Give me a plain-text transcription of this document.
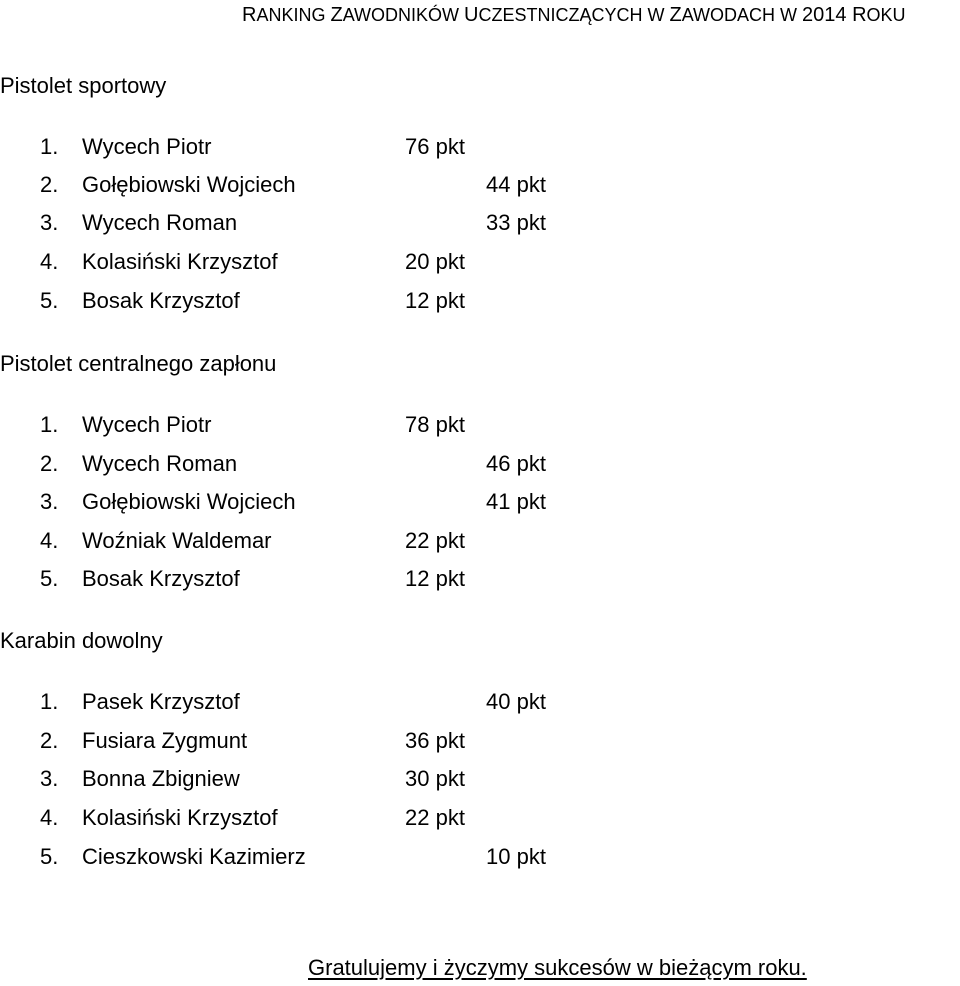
RANKING ZAWODNIKÓW UCZESTNICZĄCYCH W ZAWODACH W 2014 ROKU
Pistolet sportowy
1. Wycech Piotr	76 pkt
2. Gołębiowski Wojciech	44 pkt
3. Wycech Roman	33 pkt
4. Kolasiński Krzysztof	20 pkt
5. Bosak Krzysztof	12 pkt
Pistolet centralnego zapłonu
1. Wycech Piotr	78 pkt
2. Wycech Roman	46 pkt
3. Gołębiowski Wojciech	41 pkt
4. Woźniak Waldemar	22 pkt
5. Bosak Krzysztof	12 pkt
Karabin dowolny
1. Pasek Krzysztof	40 pkt
2. Fusiara Zygmunt	36 pkt
3. Bonna Zbigniew	30 pkt
4. Kolasiński Krzysztof	22 pkt
5. Cieszkowski Kazimierz	10 pkt
Gratulujemy i życzymy sukcesów w bieżącym roku.
